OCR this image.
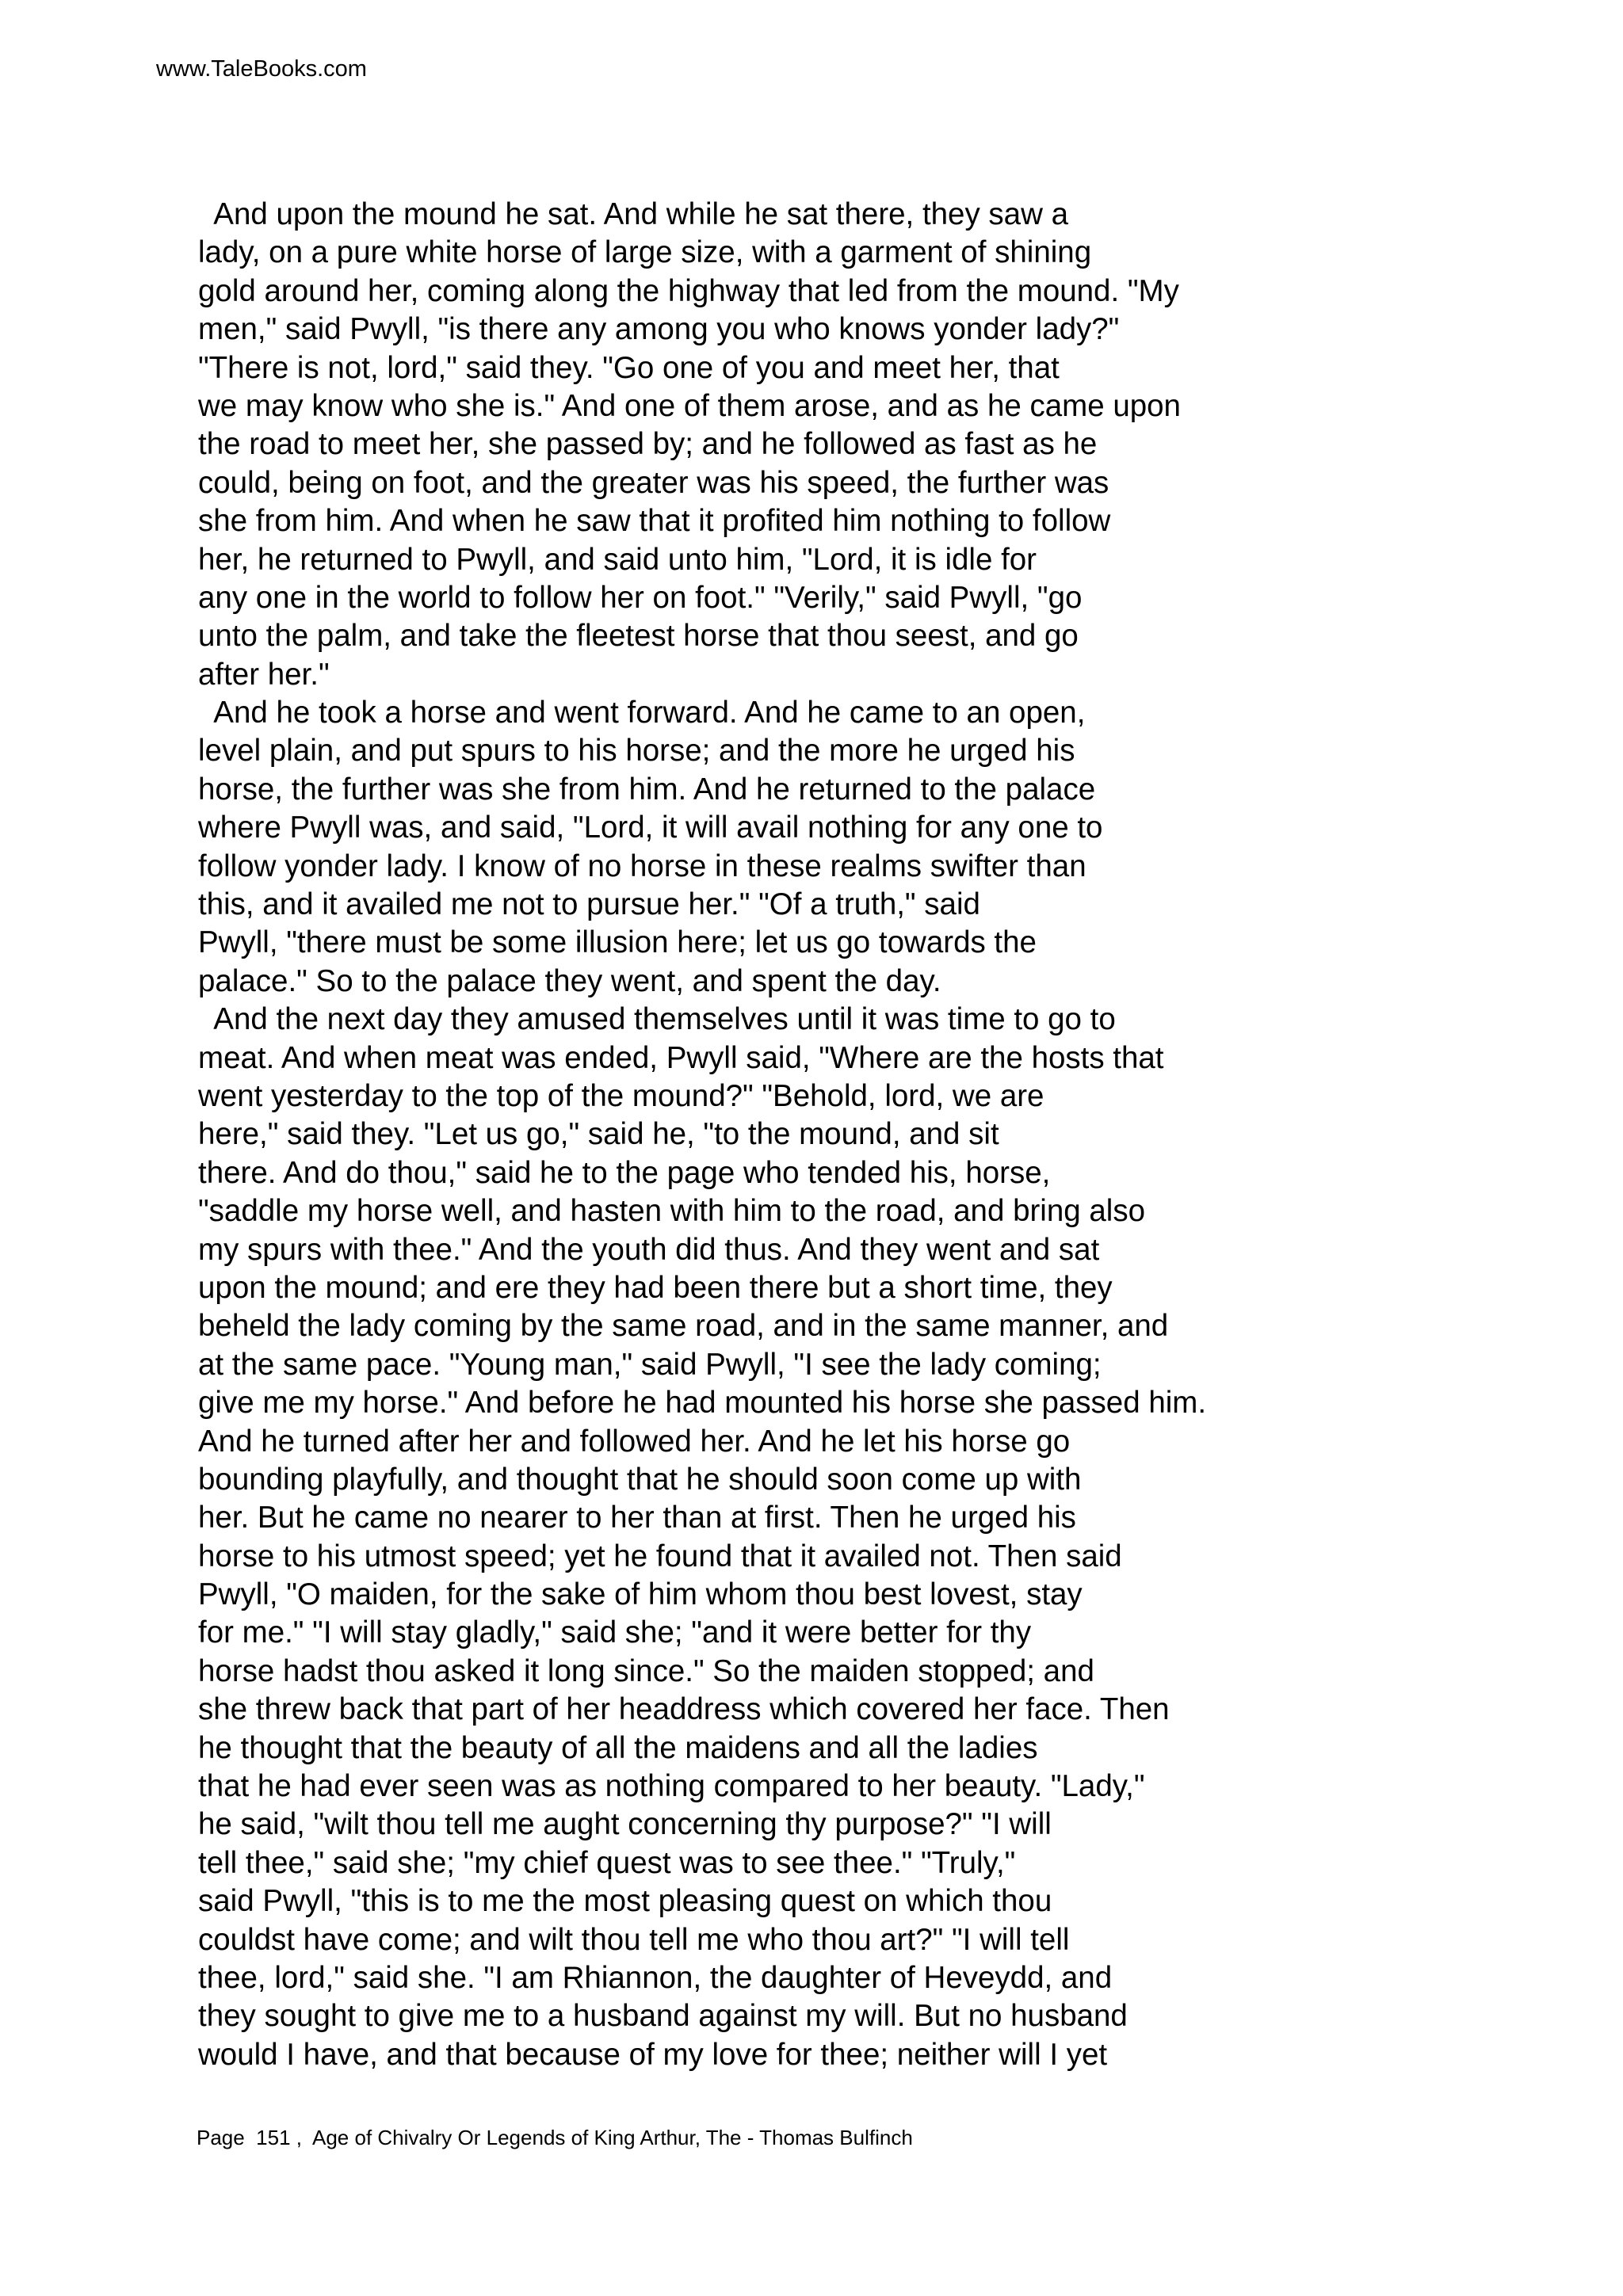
www.TaleBooks.com
And upon the mound he sat. And while he sat there, they saw a
lady, on a pure white horse of large size, with a garment of shining
gold around her, coming along the highway that led from the mound. "My
men," said Pwyll, "is there any among you who knows yonder lady?"
"There is not, lord," said they. "Go one of you and meet her, that
we may know who she is." And one of them arose, and as he came upon
the road to meet her, she passed by; and he followed as fast as he
could, being on foot, and the greater was his speed, the further was
she from him. And when he saw that it profited him nothing to follow
her, he returned to Pwyll, and said unto him, "Lord, it is idle for
any one in the world to follow her on foot." "Verily," said Pwyll, "go
unto the palm, and take the fleetest horse that thou seest, and go
after her."
And he took a horse and went forward. And he came to an open,
level plain, and put spurs to his horse; and the more he urged his
horse, the further was she from him. And he returned to the palace
where Pwyll was, and said, "Lord, it will avail nothing for any one to
follow yonder lady. I know of no horse in these realms swifter than
this, and it availed me not to pursue her." "Of a truth," said
Pwyll, "there must be some illusion here; let us go towards the
palace." So to the palace they went, and spent the day.
And the next day they amused themselves until it was time to go to
meat. And when meat was ended, Pwyll said, "Where are the hosts that
went yesterday to the top of the mound?" "Behold, lord, we are
here," said they. "Let us go," said he, "to the mound, and sit
there. And do thou," said he to the page who tended his, horse,
"saddle my horse well, and hasten with him to the road, and bring also
my spurs with thee." And the youth did thus. And they went and sat
upon the mound; and ere they had been there but a short time, they
beheld the lady coming by the same road, and in the same manner, and
at the same pace. "Young man," said Pwyll, "I see the lady coming;
give me my horse." And before he had mounted his horse she passed him.
And he turned after her and followed her. And he let his horse go
bounding playfully, and thought that he should soon come up with
her. But he came no nearer to her than at first. Then he urged his
horse to his utmost speed; yet he found that it availed not. Then said
Pwyll, "O maiden, for the sake of him whom thou best lovest, stay
for me." "I will stay gladly," said she; "and it were better for thy
horse hadst thou asked it long since." So the maiden stopped; and
she threw back that part of her headdress which covered her face. Then
he thought that the beauty of all the maidens and all the ladies
that he had ever seen was as nothing compared to her beauty. "Lady,"
he said, "wilt thou tell me aught concerning thy purpose?" "I will
tell thee," said she; "my chief quest was to see thee." "Truly,"
said Pwyll, "this is to me the most pleasing quest on which thou
couldst have come; and wilt thou tell me who thou art?" "I will tell
thee, lord," said she. "I am Rhiannon, the daughter of Heveydd, and
they sought to give me to a husband against my will. But no husband
would I have, and that because of my love for thee; neither will I yet
Page  151 ,  Age of Chivalry Or Legends of King Arthur, The - Thomas Bulfinch
